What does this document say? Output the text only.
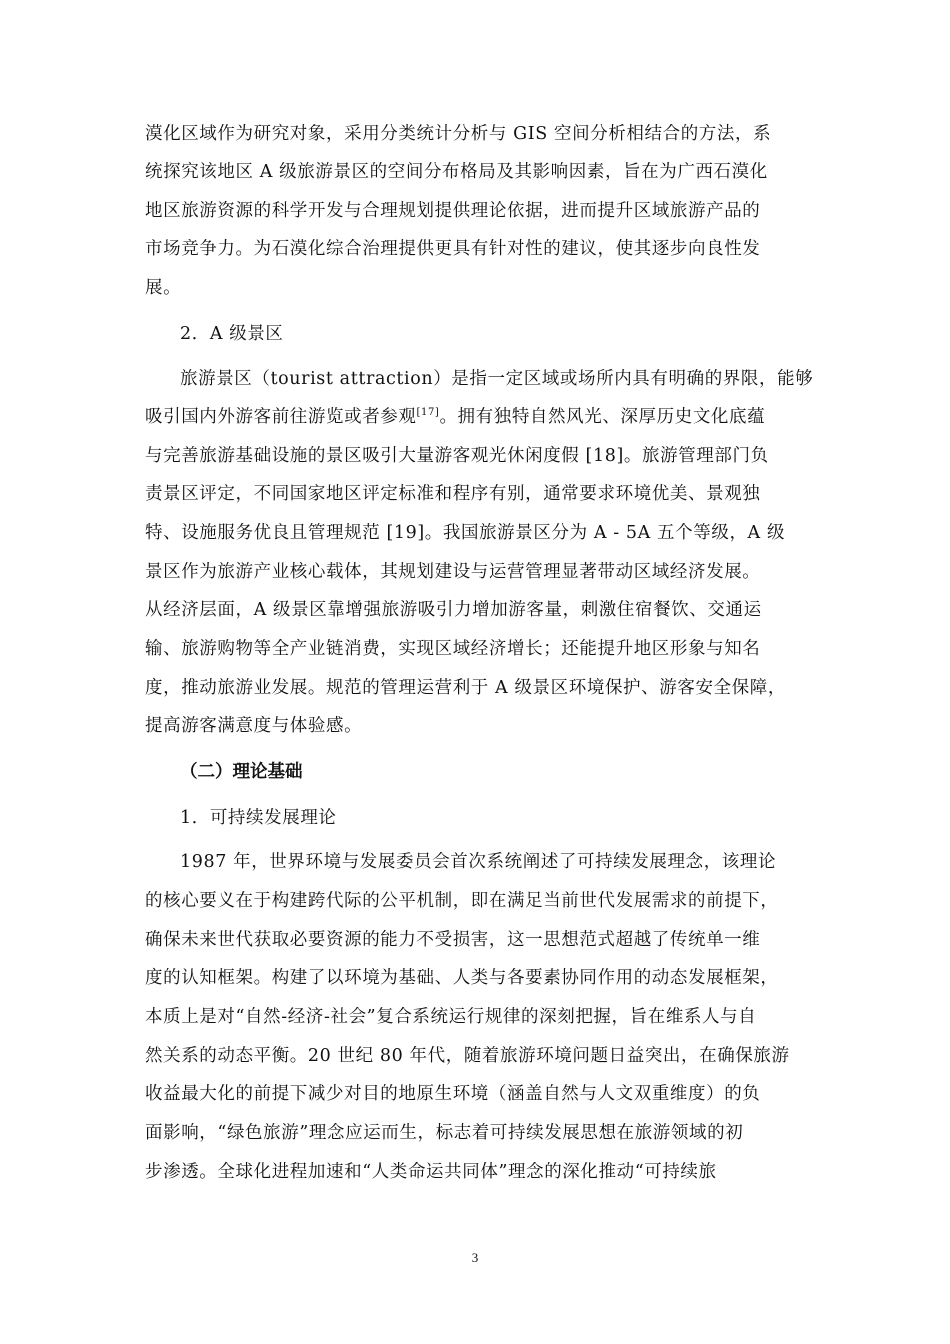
漠化区域作为研究对象，采用分类统计分析与 GIS 空间分析相结合的方法，系
统探究该地区 A 级旅游景区的空间分布格局及其影响因素，旨在为广西石漠化
地区旅游资源的科学开发与合理规划提供理论依据，进而提升区域旅游产品的
市场竞争力。为石漠化综合治理提供更具有针对性的建议，使其逐步向良性发
展。
2．A 级景区
旅游景区（tourist attraction）是指一定区域或场所内具有明确的界限，能够
吸引国内外游客前往游览或者参观[17]。拥有独特自然风光、深厚历史文化底蕴
与完善旅游基础设施的景区吸引大量游客观光休闲度假 [18]。旅游管理部门负
责景区评定，不同国家地区评定标准和程序有别，通常要求环境优美、景观独
特、设施服务优良且管理规范 [19]。我国旅游景区分为 A - 5A 五个等级，A 级
景区作为旅游产业核心载体，其规划建设与运营管理显著带动区域经济发展。
从经济层面，A 级景区靠增强旅游吸引力增加游客量，刺激住宿餐饮、交通运
输、旅游购物等全产业链消费，实现区域经济增长；还能提升地区形象与知名
度，推动旅游业发展。规范的管理运营利于 A 级景区环境保护、游客安全保障，
提高游客满意度与体验感。
（二）理论基础
1．可持续发展理论
1987 年，世界环境与发展委员会首次系统阐述了可持续发展理念，该理论
的核心要义在于构建跨代际的公平机制，即在满足当前世代发展需求的前提下，
确保未来世代获取必要资源的能力不受损害，这一思想范式超越了传统单一维
度的认知框架。构建了以环境为基础、人类与各要素协同作用的动态发展框架，
本质上是对“自然-经济-社会”复合系统运行规律的深刻把握，旨在维系人与自
然关系的动态平衡。20 世纪 80 年代，随着旅游环境问题日益突出，在确保旅游
收益最大化的前提下减少对目的地原生环境（涵盖自然与人文双重维度）的负
面影响，“绿色旅游”理念应运而生，标志着可持续发展思想在旅游领域的初
步渗透。全球化进程加速和“人类命运共同体”理念的深化推动“可持续旅
3
